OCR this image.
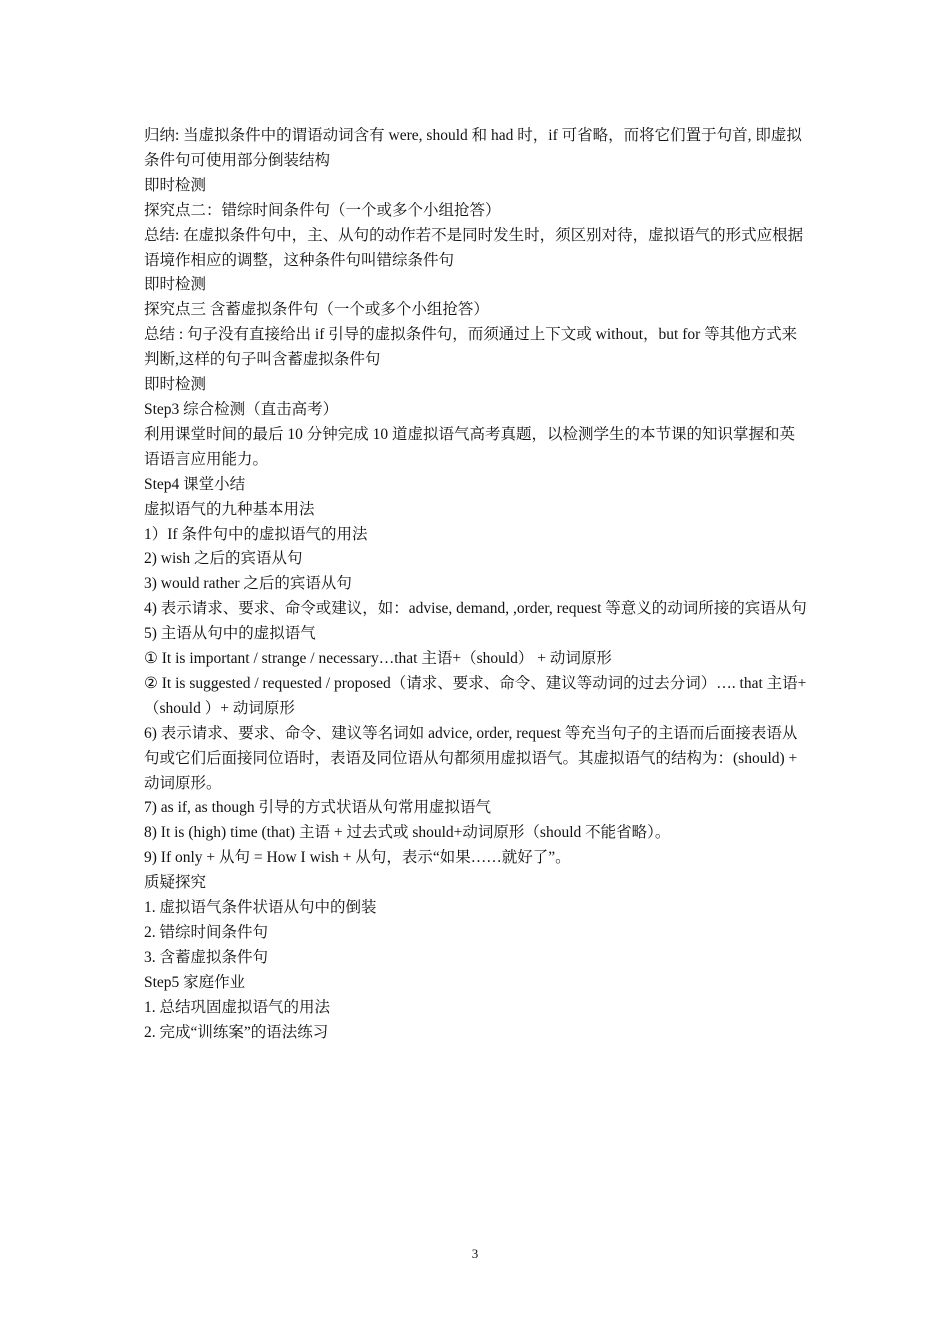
归纳: 当虚拟条件中的谓语动词含有 were, should 和 had 时，if 可省略，而将它们置于句首, 即虚拟条件句可使用部分倒装结构

即时检测

探究点二：错综时间条件句（一个或多个小组抢答）

总结: 在虚拟条件句中，主、从句的动作若不是同时发生时，须区别对待，虚拟语气的形式应根据语境作相应的调整，这种条件句叫错综条件句

即时检测

探究点三 含蓄虚拟条件句（一个或多个小组抢答）

总结 : 句子没有直接给出 if 引导的虚拟条件句，而须通过上下文或 without，but for 等其他方式来判断,这样的句子叫含蓄虚拟条件句

即时检测

Step3 综合检测（直击高考）

利用课堂时间的最后 10 分钟完成 10 道虚拟语气高考真题，以检测学生的本节课的知识掌握和英语语言应用能力。

Step4 课堂小结

虚拟语气的九种基本用法

1）If 条件句中的虚拟语气的用法

2) wish 之后的宾语从句

3) would rather 之后的宾语从句

4) 表示请求、要求、命令或建议，如：advise, demand, ,order, request 等意义的动词所接的宾语从句

5) 主语从句中的虚拟语气

① It is important / strange / necessary…that 主语+（should） + 动词原形

② It is suggested / requested / proposed（请求、要求、命令、建议等动词的过去分词）…. that 主语+（should ）+ 动词原形

6) 表示请求、要求、命令、建议等名词如 advice, order, request 等充当句子的主语而后面接表语从句或它们后面接同位语时，表语及同位语从句都须用虚拟语气。其虚拟语气的结构为：(should) + 动词原形。

7) as if, as though 引导的方式状语从句常用虚拟语气

8) It is (high) time (that) 主语 + 过去式或 should+动词原形（should 不能省略）。

9) If only + 从句 = How I wish + 从句，表示“如果……就好了”。

质疑探究

1. 虚拟语气条件状语从句中的倒装

2. 错综时间条件句

3. 含蓄虚拟条件句

Step5 家庭作业

1. 总结巩固虚拟语气的用法

2. 完成“训练案”的语法练习

3
